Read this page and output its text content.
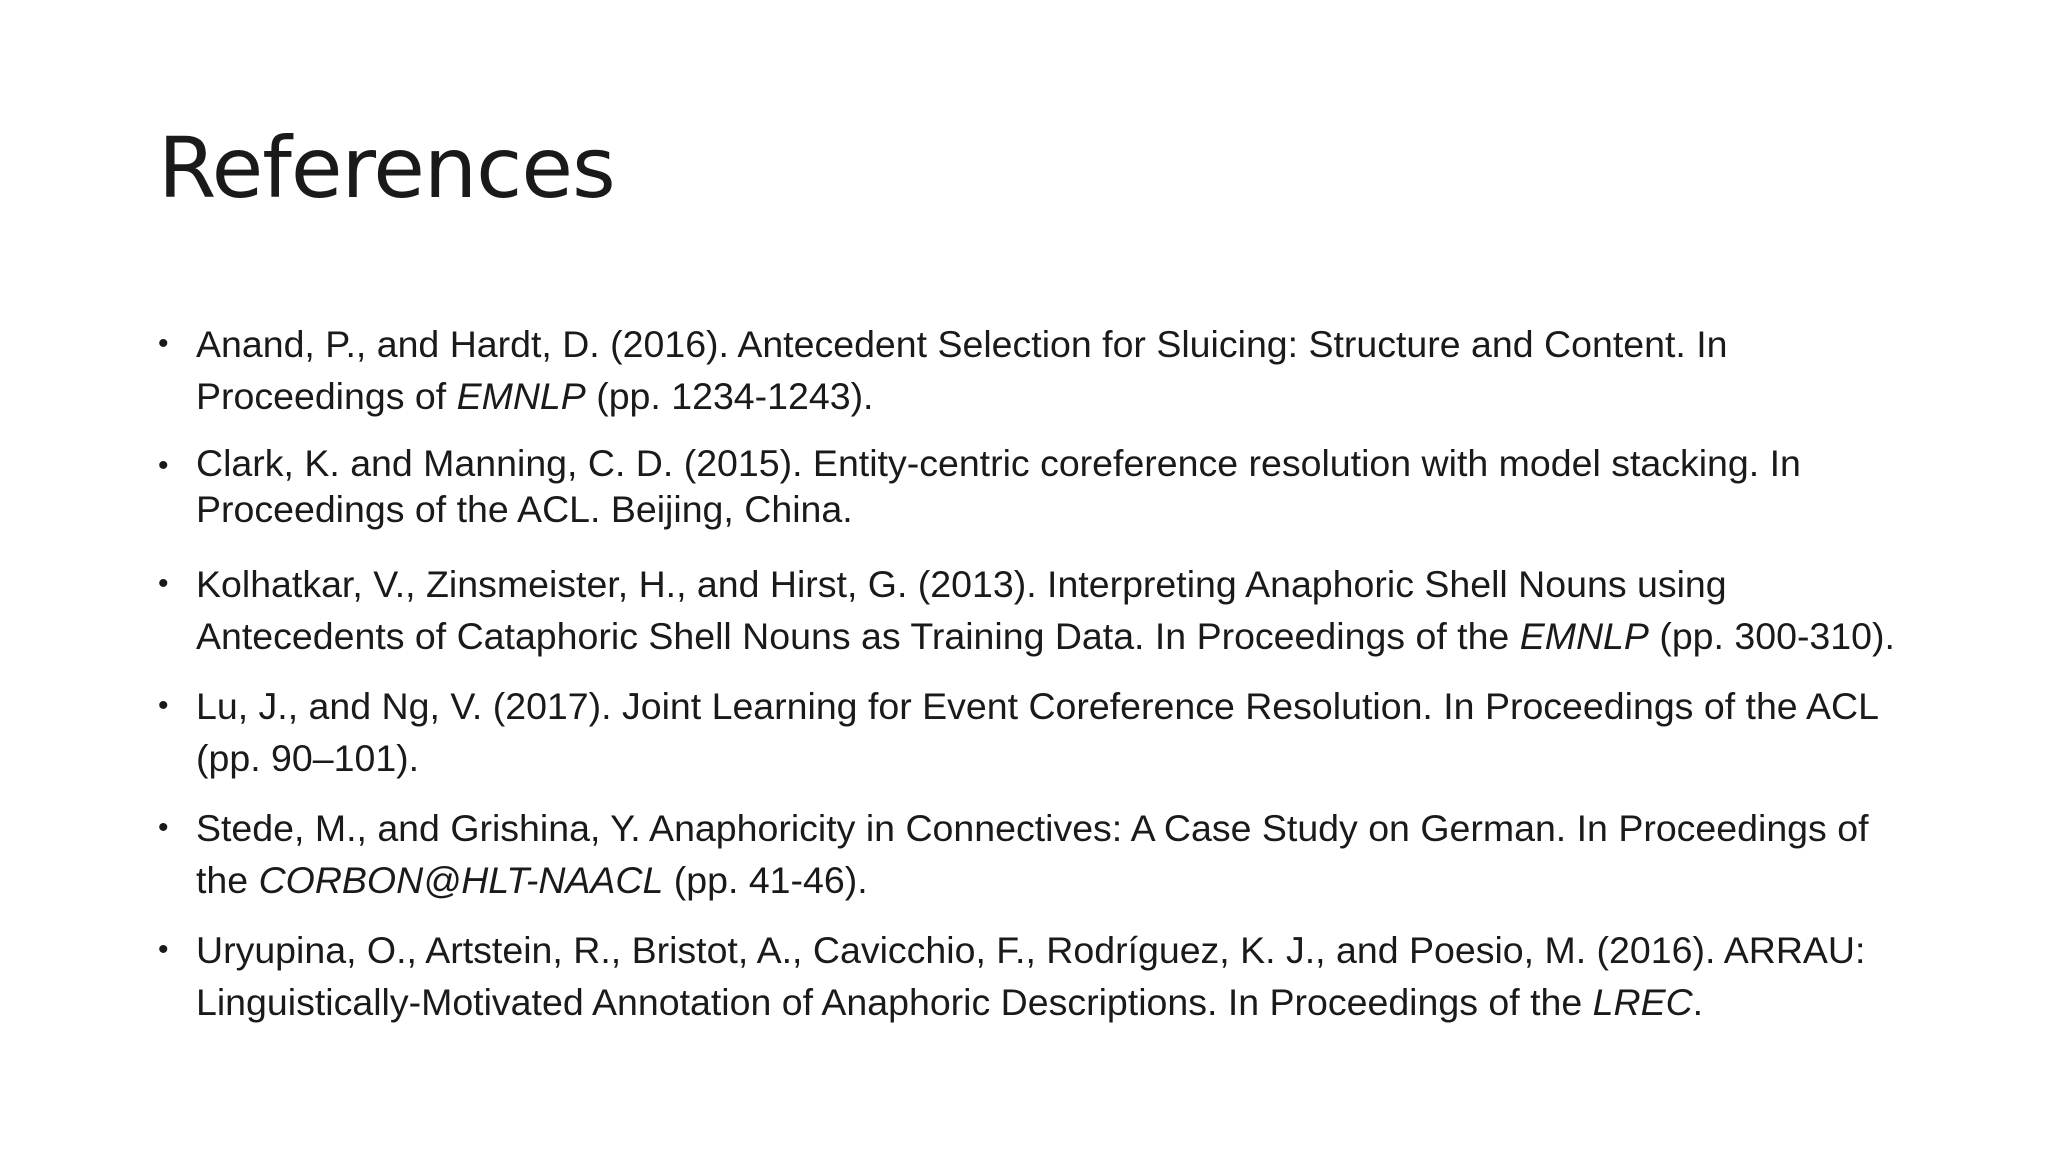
References
• Anand, P., and Hardt, D. (2016). Antecedent Selection for Sluicing: Structure and Content. In
Proceedings of EMNLP (pp. 1234-1243).
• Clark, K. and Manning, C. D. (2015). Entity-centric coreference resolution with model stacking. In
Proceedings of the ACL. Beijing, China.
• Kolhatkar, V., Zinsmeister, H., and Hirst, G. (2013). Interpreting Anaphoric Shell Nouns using
Antecedents of Cataphoric Shell Nouns as Training Data. In Proceedings of the EMNLP (pp. 300-310).
• Lu, J., and Ng, V. (2017). Joint Learning for Event Coreference Resolution. In Proceedings of the ACL
(pp. 90–101).
• Stede, M., and Grishina, Y. Anaphoricity in Connectives: A Case Study on German. In Proceedings of
the CORBON@HLT-NAACL (pp. 41-46).
• Uryupina, O., Artstein, R., Bristot, A., Cavicchio, F., Rodríguez, K. J., and Poesio, M. (2016). ARRAU:
Linguistically-Motivated Annotation of Anaphoric Descriptions. In Proceedings of the LREC.
